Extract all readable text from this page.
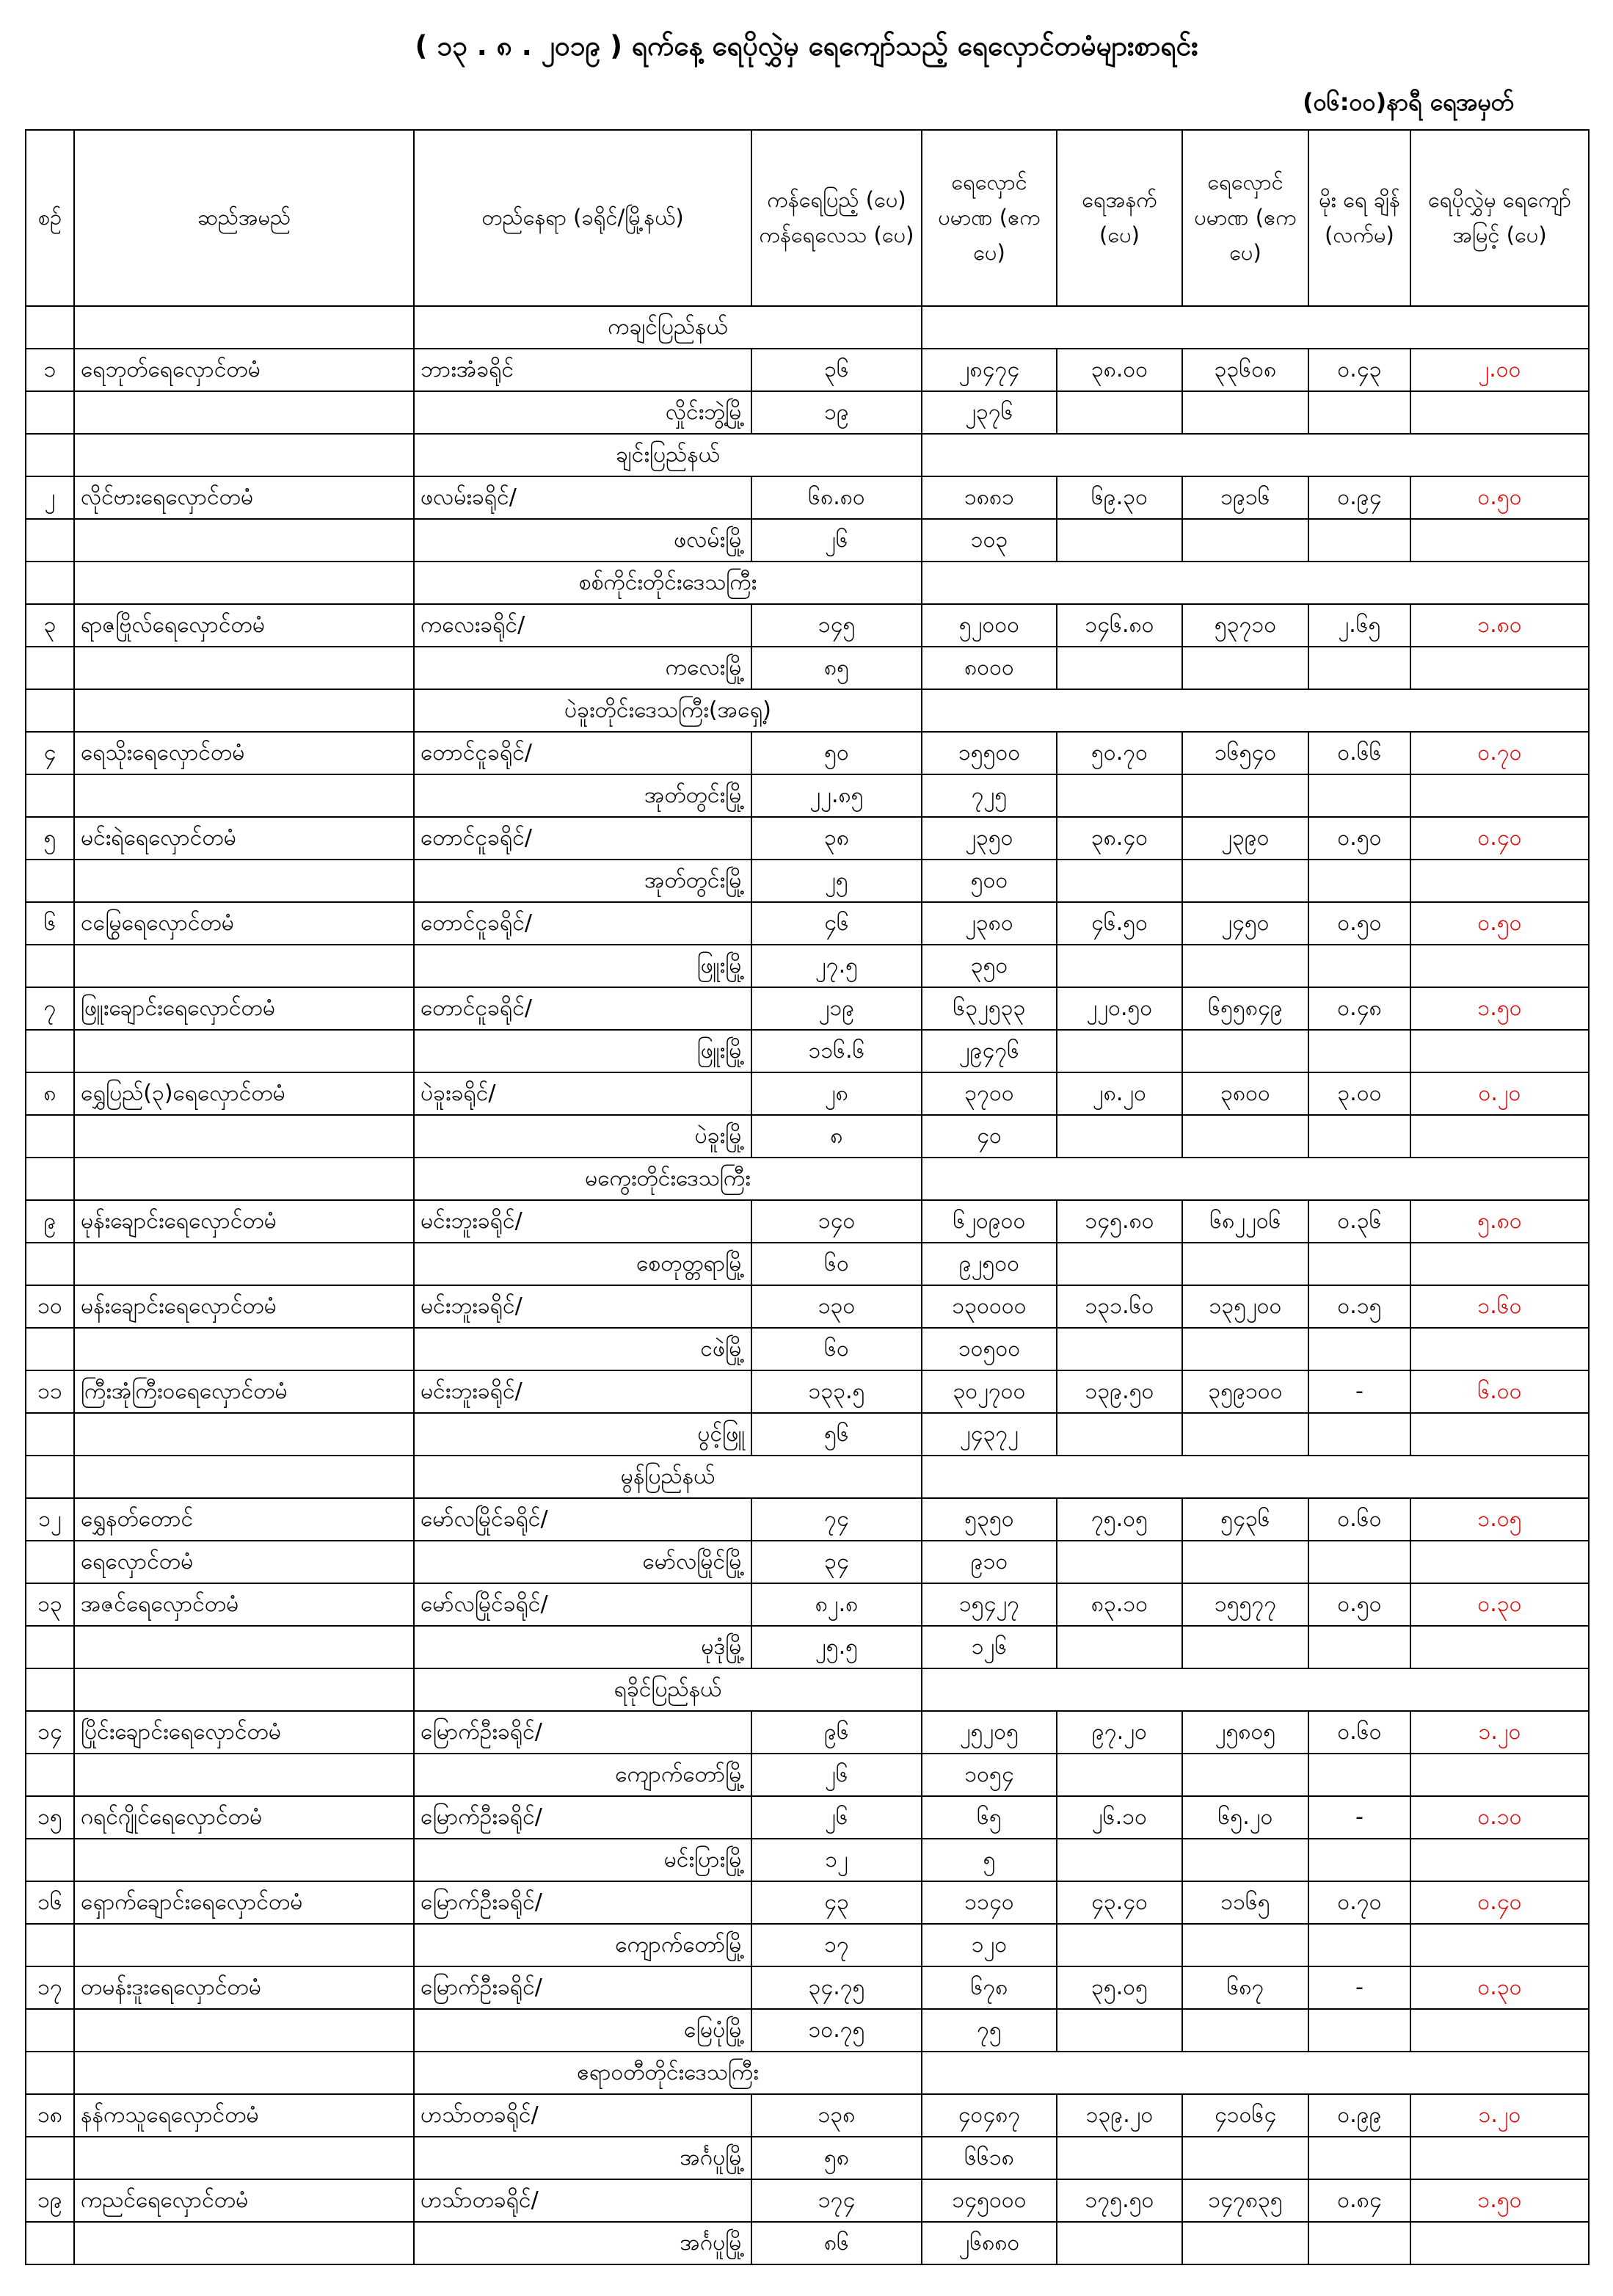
( ၁၃ . ၈ . ၂၀၁၉ ) ရက်နေ့ ရေပိုလွှဲမှ ရေကျော်သည့် ရေလှောင်တမံများစာရင်း
(၀၆:၀၀)နာရီ ရေအမှတ်
စဉ်	ဆည်အမည်	တည်နေရာ (ခရိုင်/မြို့နယ်)	ကန်ရေပြည့် (ပေ) ကန်ရေလေသ (ပေ)	ရေလှောင် ပမာဏ (ဧကပေ)	ရေအနက် (ပေ)	ရေလှောင် ပမာဏ (ဧကပေ)	မိုး ရေ ချိန် (လက်မ)	ရေပိုလွှဲမှ ရေကျော် အမြင့် (ပေ)
		ကချင်ပြည်နယ်						
၁	ရေဘုတ်ရေလှောင်တမံ	ဘားအံခရိုင်	၃၆	၂၈၄၇၄	၃၈.၀၀	၃၃၆၀၈	၀.၄၃	၂.၀၀
		လှိုင်းဘွဲ့မြို့	၁၉	၂၃၇၆				
		ချင်းပြည်နယ်						
၂	လိုင်ဗားရေလှောင်တမံ	ဖလမ်းခရိုင်/	၆၈.၈၀	၁၈၈၁	၆၉.၃၀	၁၉၁၆	၀.၉၄	၀.၅၀
		ဖလမ်းမြို့	၂၆	၁၀၃				
		စစ်ကိုင်းတိုင်းဒေသကြီး						
၃	ရာဇဗြိုလ်ရေလှောင်တမံ	ကလေးခရိုင်/	၁၄၅	၅၂၀၀၀	၁၄၆.၈၀	၅၃၇၁၀	၂.၆၅	၁.၈၀
		ကလေးမြို့	၈၅	၈၀၀၀				
		ပဲခူးတိုင်းဒေသကြီး(အရှေ့)						
၄	ရေသိုးရေလှောင်တမံ	တောင်ငူခရိုင်/	၅၀	၁၅၅၀၀	၅၀.၇၀	၁၆၅၄၀	၀.၆၆	၀.၇၀
		အုတ်တွင်းမြို့	၂၂.၈၅	၇၂၅				
၅	မင်းရဲရေလှောင်တမံ	တောင်ငူခရိုင်/	၃၈	၂၃၅၀	၃၈.၄၀	၂၃၉၀	၀.၅၀	၀.၄၀
		အုတ်တွင်းမြို့	၂၅	၅၀၀				
၆	ငမြွေရေလှောင်တမံ	တောင်ငူခရိုင်/	၄၆	၂၃၈၀	၄၆.၅၀	၂၄၅၀	၀.၅၀	၀.၅၀
		ဖြူးမြို့	၂၇.၅	၃၅၀				
၇	ဖြူးချောင်းရေလှောင်တမံ	တောင်ငူခရိုင်/	၂၁၉	၆၃၂၅၃၃	၂၂၀.၅၀	၆၅၅၈၄၉	၀.၄၈	၁.၅၀
		ဖြူးမြို့	၁၁၆.၆	၂၉၄၇၆				
၈	ရွှေပြည်(၃)ရေလှောင်တမံ	ပဲခူးခရိုင်/	၂၈	၃၇၀၀	၂၈.၂၀	၃၈၀၀	၃.၀၀	၀.၂၀
		ပဲခူးမြို့	၈	၄၀				
		မကွေးတိုင်းဒေသကြီး						
၉	မုန်းချောင်းရေလှောင်တမံ	မင်းဘူးခရိုင်/	၁၄၀	၆၂၀၉၀၀	၁၄၅.၈၀	၆၈၂၂၀၆	၀.၃၆	၅.၈၀
		စေတုတ္တရာမြို့	၆၀	၉၂၅၀၀				
၁၀	မန်းချောင်းရေလှောင်တမံ	မင်းဘူးခရိုင်/	၁၃၀	၁၃၀၀၀၀	၁၃၁.၆၀	၁၃၅၂၀၀	၀.၁၅	၁.၆၀
		ငဖဲမြို့	၆၀	၁၀၅၀၀				
၁၁	ကြီးအုံကြီးဝရေလှောင်တမံ	မင်းဘူးခရိုင်/	၁၃၃.၅	၃၀၂၇၀၀	၁၃၉.၅၀	၃၅၉၁၀၀	-	၆.၀၀
		ပွင့်ဖြူ	၅၆	၂၄၃၇၂				
		မွန်ပြည်နယ်						
၁၂	ရွှေနတ်တောင်	မော်လမြိုင်ခရိုင်/	၇၄	၅၃၅၀	၇၅.၀၅	၅၄၃၆	၀.၆၀	၁.၀၅
	ရေလှောင်တမံ	မော်လမြိုင်မြို့	၃၄	၉၁၀				
၁၃	အဇင်ရေလှောင်တမံ	မော်လမြိုင်ခရိုင်/	၈၂.၈	၁၅၄၂၇	၈၃.၁၀	၁၅၅၇၇	၀.၅၀	၀.၃၀
		မုဒုံမြို့	၂၅.၅	၁၂၆				
		ရခိုင်ပြည်နယ်						
၁၄	ပြိုင်းချောင်းရေလှောင်တမံ	မြောက်ဦးခရိုင်/	၉၆	၂၅၂၀၅	၉၇.၂၀	၂၅၈၀၅	၀.၆၀	၁.၂၀
		ကျောက်တော်မြို့	၂၆	၁၀၅၄				
၁၅	ဂရင်ဂျိုင်ရေလှောင်တမံ	မြောက်ဦးခရိုင်/	၂၆	၆၅	၂၆.၁၀	၆၅.၂၀	-	၀.၁၀
		မင်းပြားမြို့	၁၂	၅				
၁၆	ရှောက်ချောင်းရေလှောင်တမံ	မြောက်ဦးခရိုင်/	၄၃	၁၁၄၀	၄၃.၄၀	၁၁၆၅	၀.၇၀	၀.၄၀
		ကျောက်တော်မြို့	၁၇	၁၂၀				
၁၇	တမန်းဒူးရေလှောင်တမံ	မြောက်ဦးခရိုင်/	၃၄.၇၅	၆၇၈	၃၅.၀၅	၆၈၇	-	၀.၃၀
		မြေပုံမြို့	၁၀.၇၅	၇၅				
		ဧရာဝတီတိုင်းဒေသကြီး						
၁၈	နန်ကသူရေလှောင်တမံ	ဟသ်ာတခရိုင်/	၁၃၈	၄၀၄၈၇	၁၃၉.၂၀	၄၁၀၆၄	၀.၉၉	၁.၂၀
		အင်္ဂပူမြို့	၅၈	၆၆၁၈				
၁၉	ကညင်ရေလှောင်တမံ	ဟသ်ာတခရိုင်/	၁၇၄	၁၄၅၀၀၀	၁၇၅.၅၀	၁၄၇၈၃၅	၀.၈၄	၁.၅၀
		အင်္ဂပူမြို့	၈၆	၂၆၈၈၀				
